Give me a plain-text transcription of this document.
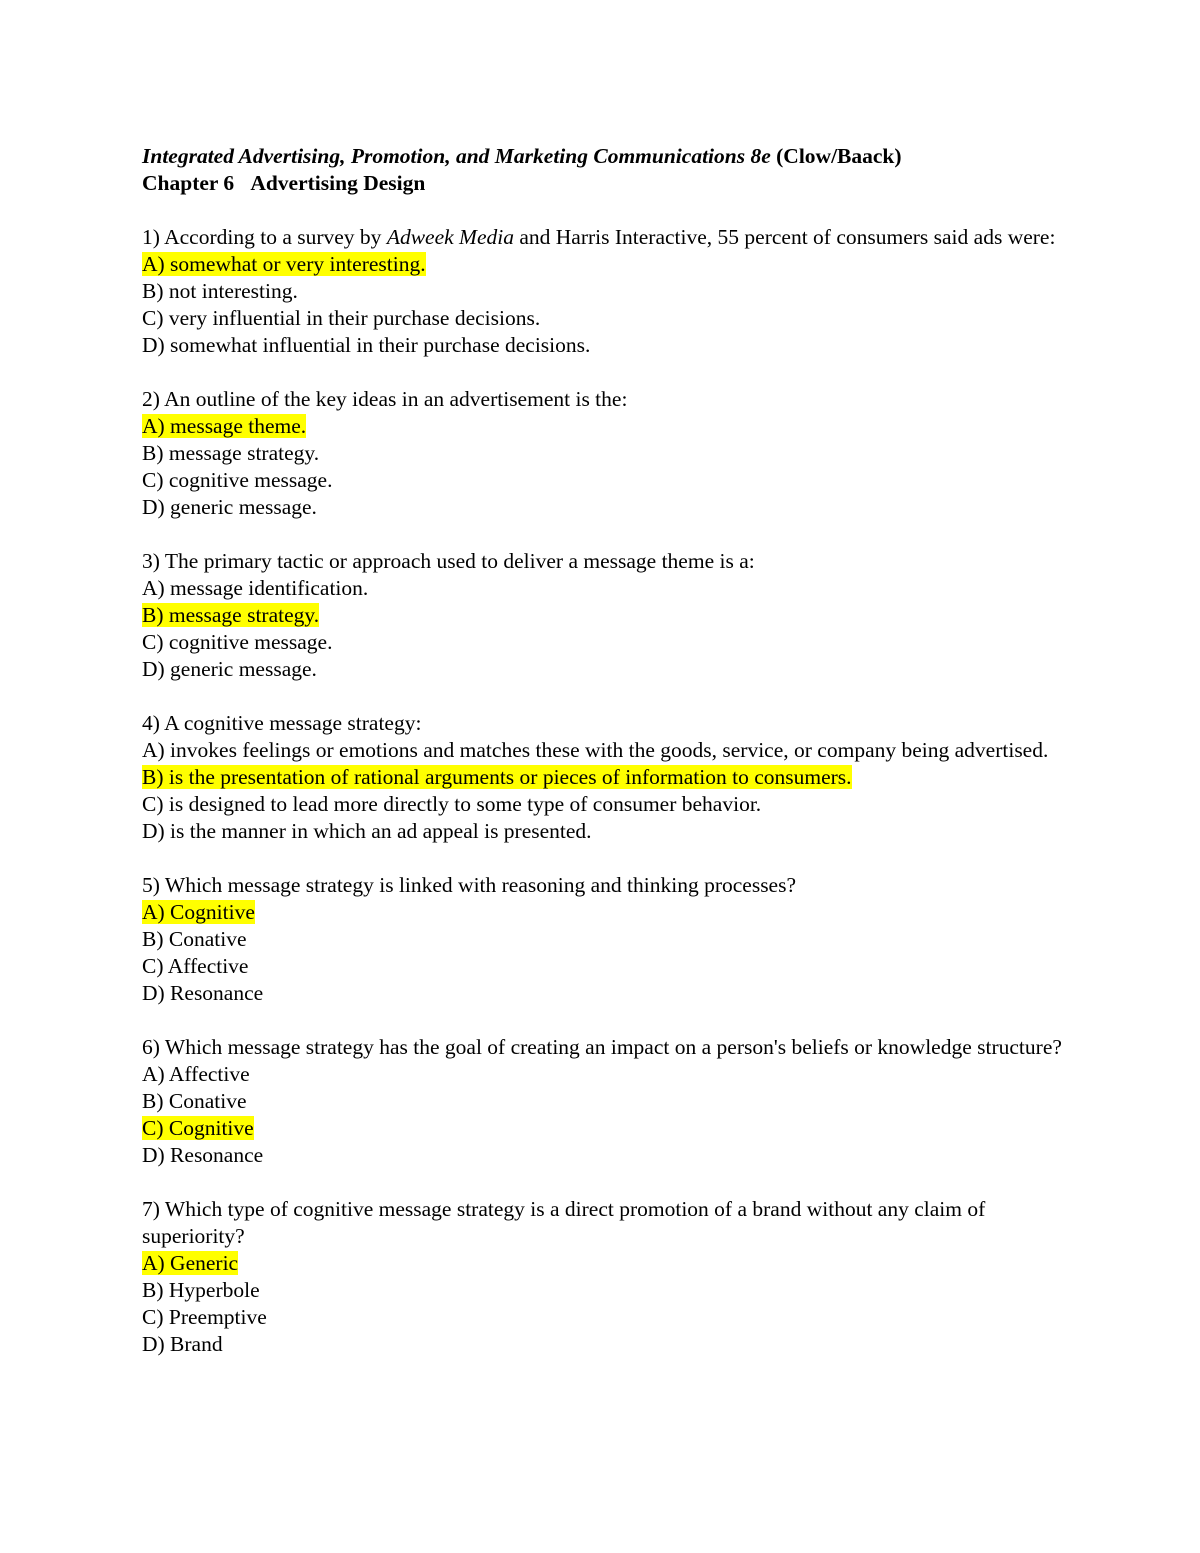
Integrated Advertising, Promotion, and Marketing Communications 8e (Clow/Baack)

Chapter 6 Advertising Design

1) According to a survey by Adweek Media and Harris Interactive, 55 percent of consumers said ads were:

A) somewhat or very interesting.

B) not interesting.

C) very influential in their purchase decisions.

D) somewhat influential in their purchase decisions.

2) An outline of the key ideas in an advertisement is the:

A) message theme.

B) message strategy.

C) cognitive message.

D) generic message.

3) The primary tactic or approach used to deliver a message theme is a:

A) message identification.

B) message strategy.

C) cognitive message.

D) generic message.

4) A cognitive message strategy:

A) invokes feelings or emotions and matches these with the goods, service, or company being advertised.

B) is the presentation of rational arguments or pieces of information to consumers.

C) is designed to lead more directly to some type of consumer behavior.

D) is the manner in which an ad appeal is presented.

5) Which message strategy is linked with reasoning and thinking processes?

A) Cognitive

B) Conative

C) Affective

D) Resonance

6) Which message strategy has the goal of creating an impact on a person's beliefs or knowledge structure?

A) Affective

B) Conative

C) Cognitive

D) Resonance

7) Which type of cognitive message strategy is a direct promotion of a brand without any claim of superiority?

A) Generic

B) Hyperbole

C) Preemptive

D) Brand
